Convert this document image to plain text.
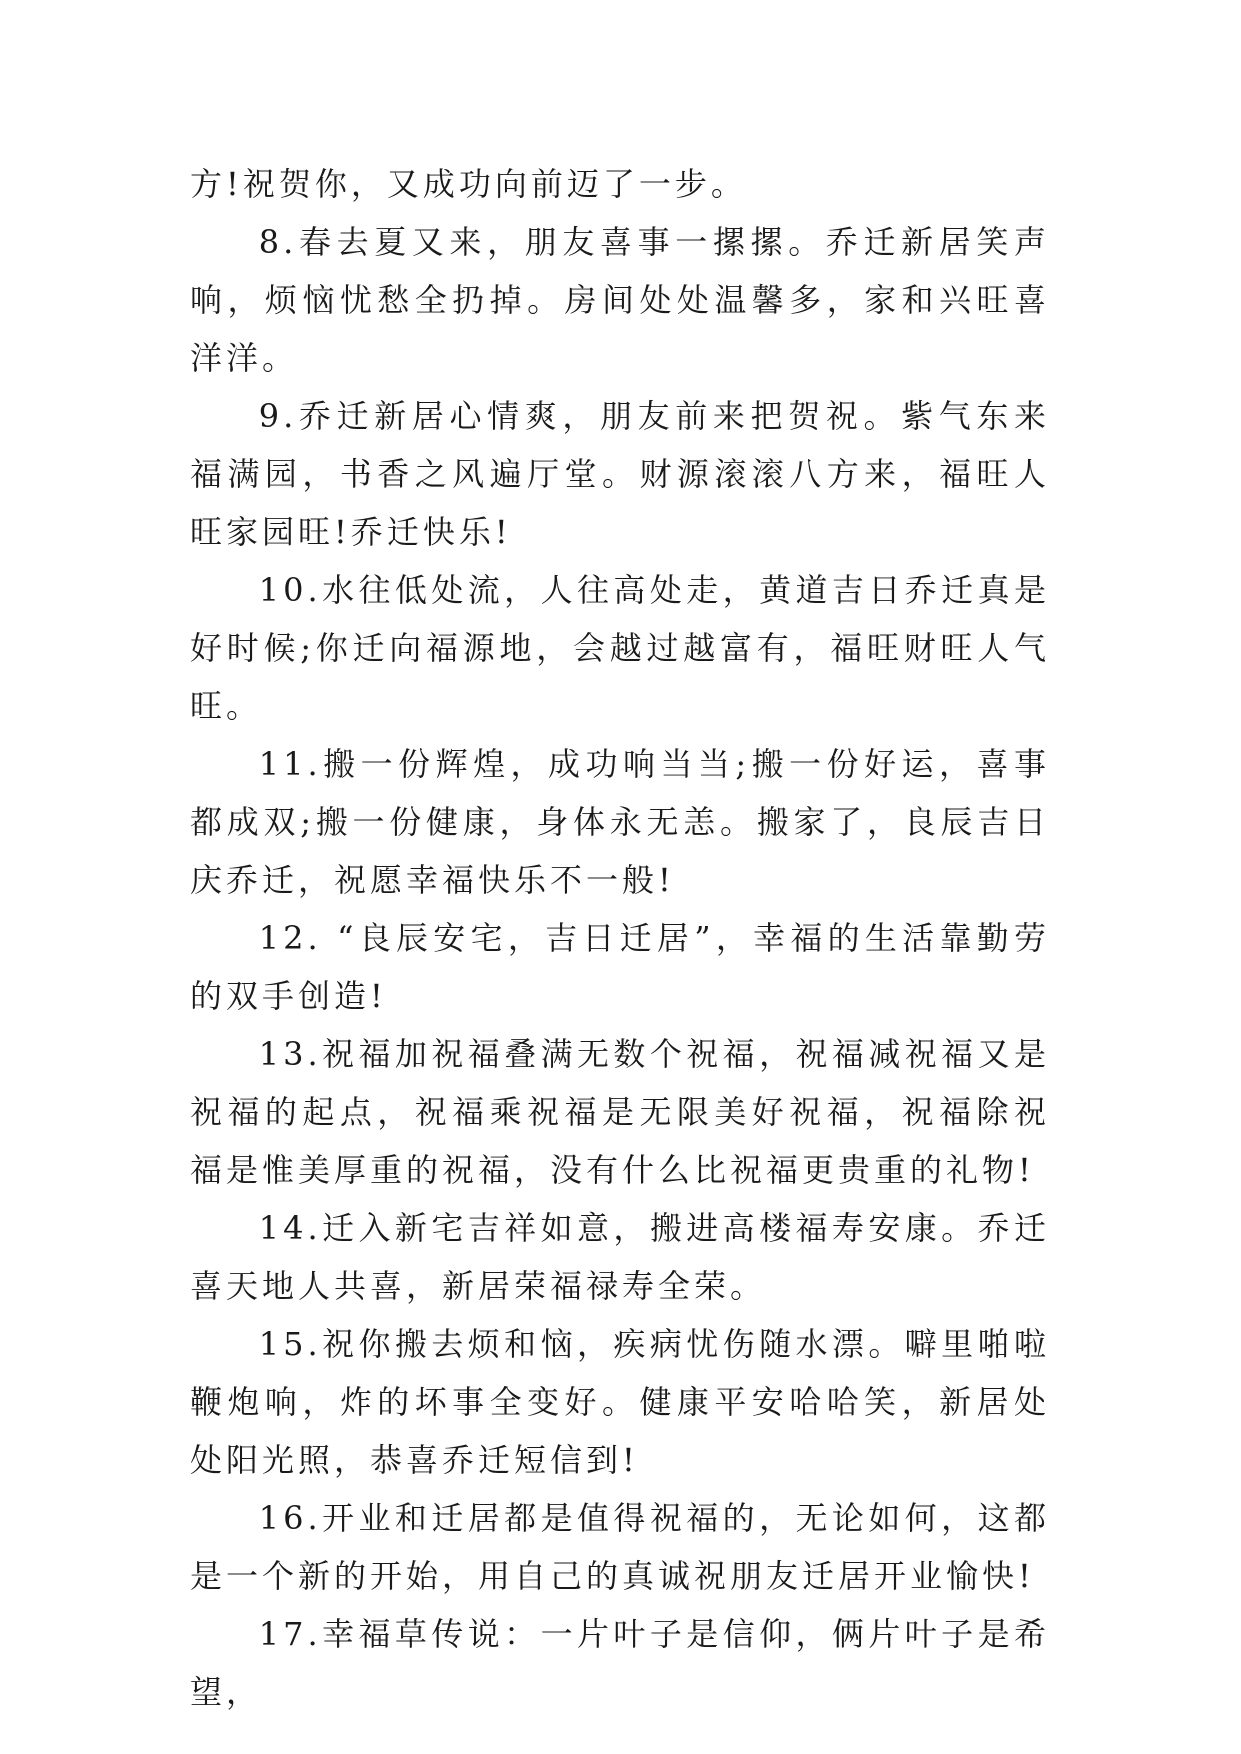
方!祝贺你，又成功向前迈了一步。

8.春去夏又来，朋友喜事一摞摞。乔迁新居笑声响，烦恼忧愁全扔掉。房间处处温馨多，家和兴旺喜洋洋。

9.乔迁新居心情爽，朋友前来把贺祝。紫气东来福满园，书香之风遍厅堂。财源滚滚八方来，福旺人旺家园旺!乔迁快乐!

10.水往低处流，人往高处走，黄道吉日乔迁真是好时候;你迁向福源地，会越过越富有，福旺财旺人气旺。

11.搬一份辉煌，成功响当当;搬一份好运，喜事都成双;搬一份健康，身体永无恙。搬家了，良辰吉日庆乔迁，祝愿幸福快乐不一般!

12. “良辰安宅，吉日迁居”，幸福的生活靠勤劳的双手创造!

13.祝福加祝福叠满无数个祝福，祝福减祝福又是祝福的起点，祝福乘祝福是无限美好祝福，祝福除祝福是惟美厚重的祝福，没有什么比祝福更贵重的礼物!

14.迁入新宅吉祥如意，搬进高楼福寿安康。乔迁喜天地人共喜，新居荣福禄寿全荣。

15.祝你搬去烦和恼，疾病忧伤随水漂。噼里啪啦鞭炮响，炸的坏事全变好。健康平安哈哈笑，新居处处阳光照，恭喜乔迁短信到!

16.开业和迁居都是值得祝福的，无论如何，这都是一个新的开始，用自己的真诚祝朋友迁居开业愉快!

17.幸福草传说：一片叶子是信仰，俩片叶子是希望，
